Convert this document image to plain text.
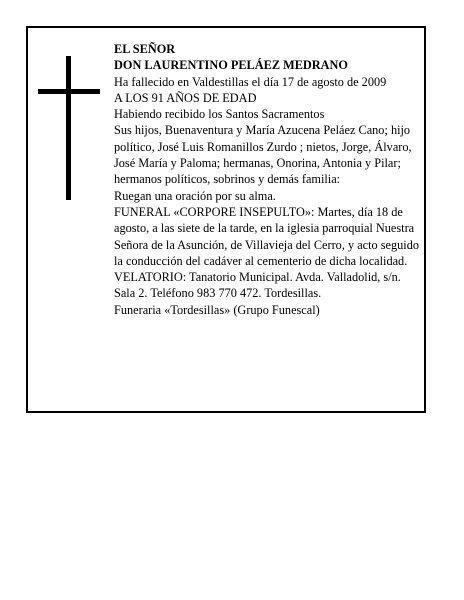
EL SEÑOR

DON LAURENTINO PELÁEZ MEDRANO

Ha fallecido en Valdestillas el día 17 de agosto de 2009

A LOS 91 AÑOS DE EDAD

Habiendo recibido los Santos Sacramentos

Sus hijos, Buenaventura y María Azucena Peláez Cano; hijo político, José Luis Romanillos Zurdo ; nietos, Jorge, Álvaro, José María y Paloma; hermanas, Onorina, Antonia y Pilar; hermanos políticos, sobrinos y demás familia:

Ruegan una oración por su alma.

FUNERAL «CORPORE INSEPULTO»: Martes, día 18 de agosto, a las siete de la tarde, en la iglesia parroquial Nuestra Señora de la Asunción, de Villavieja del Cerro, y acto seguido la conducción del cadáver al cementerio de dicha localidad.

VELATORIO: Tanatorio Municipal. Avda. Valladolid, s/n. Sala 2. Teléfono 983 770 472. Tordesillas.

Funeraria «Tordesillas» (Grupo Funescal)
